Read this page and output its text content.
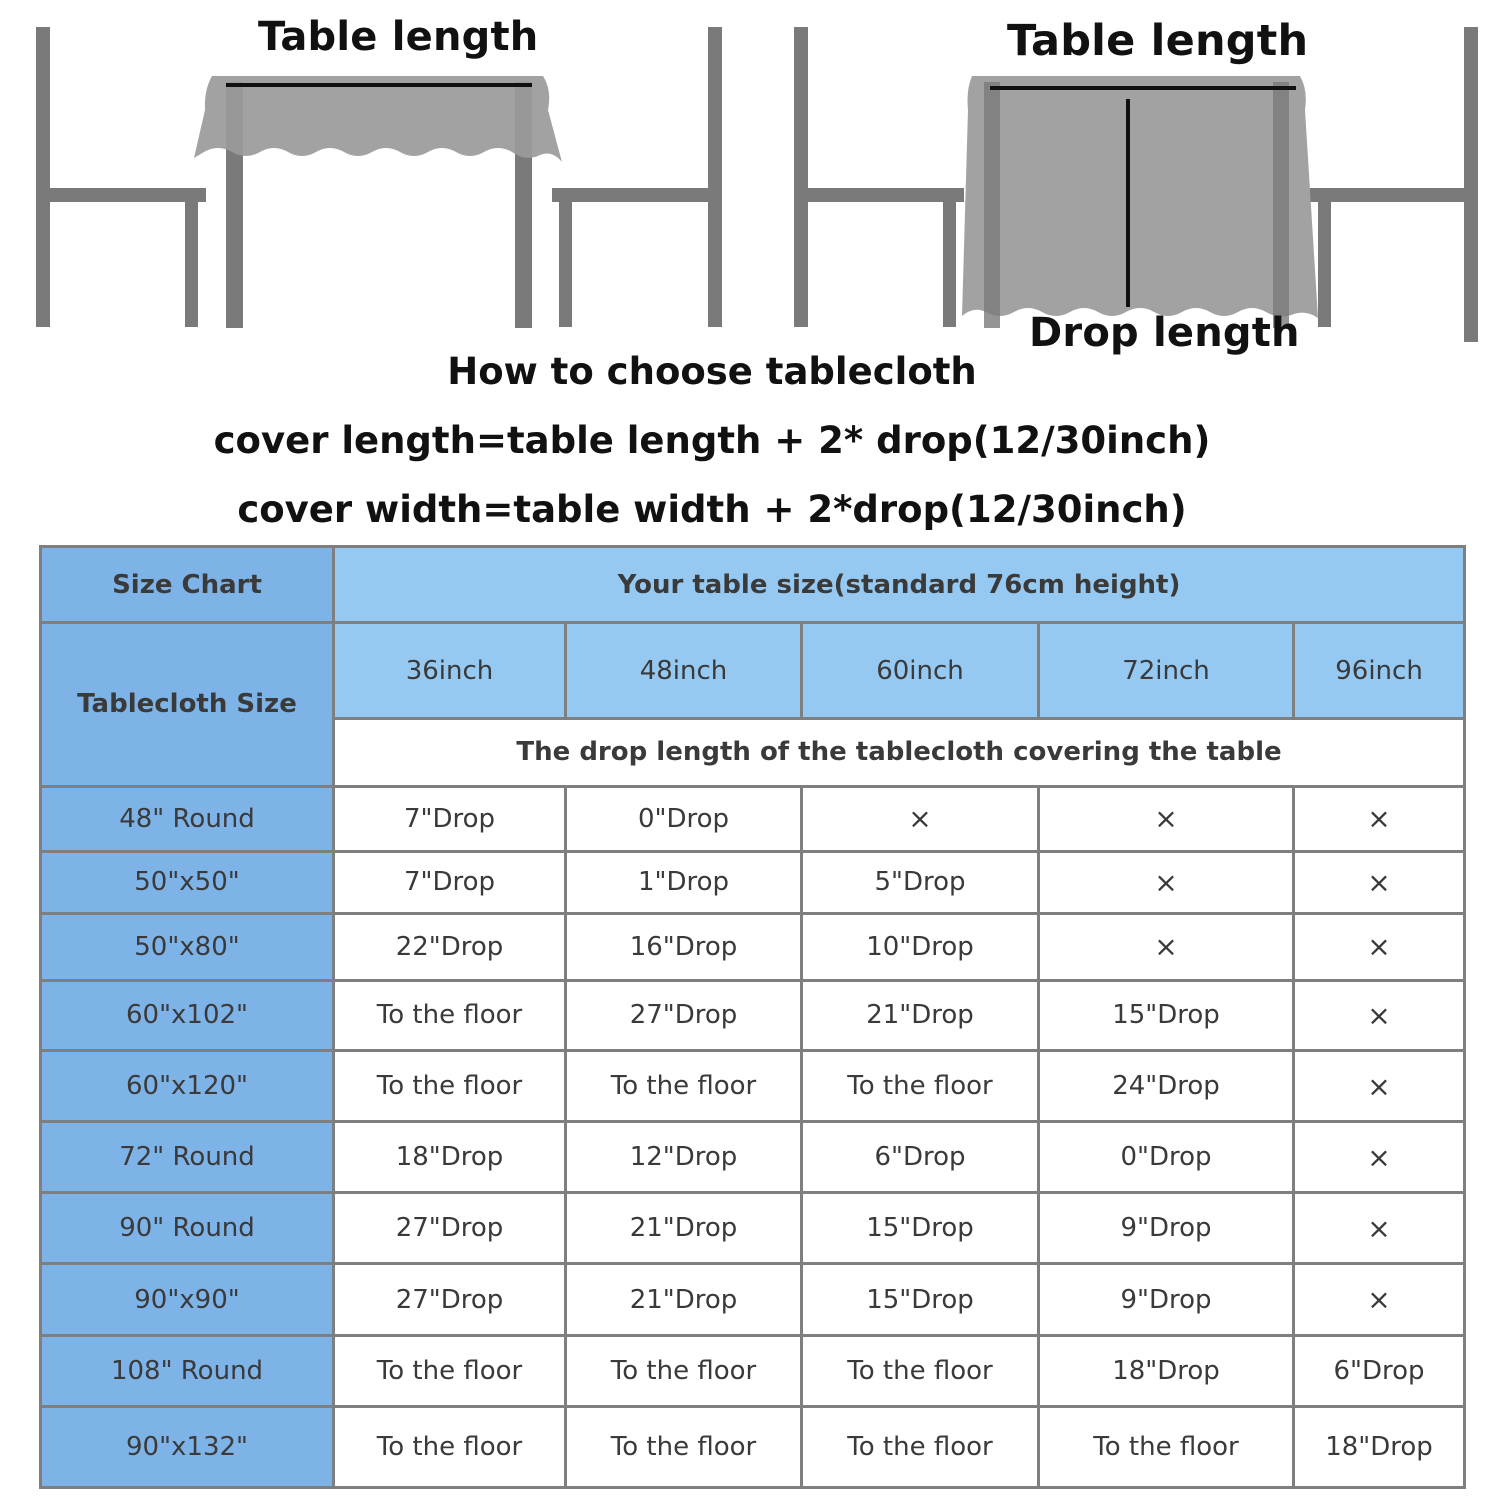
Table length	Table length
Drop length
How to choose tablecloth
cover length=table length + 2* drop(12/30inch)
cover width=table width + 2*drop(12/30inch)
Size Chart	Your table size(standard 76cm height)				
Tablecloth Size	36inch	48inch	60inch	72inch	96inch
	The drop length of the tablecloth covering the table				
48" Round	7"Drop	0"Drop	×	×	×
50"x50"	7"Drop	1"Drop	5"Drop	×	×
50"x80"	22"Drop	16"Drop	10"Drop	×	×
60"x102"	To the floor	27"Drop	21"Drop	15"Drop	×
60"x120"	To the floor	To the floor	To the floor	24"Drop	×
72" Round	18"Drop	12"Drop	6"Drop	0"Drop	×
90" Round	27"Drop	21"Drop	15"Drop	9"Drop	×
90"x90"	27"Drop	21"Drop	15"Drop	9"Drop	×
108" Round	To the floor	To the floor	To the floor	18"Drop	6"Drop
90"x132"	To the floor	To the floor	To the floor	To the floor	18"Drop
